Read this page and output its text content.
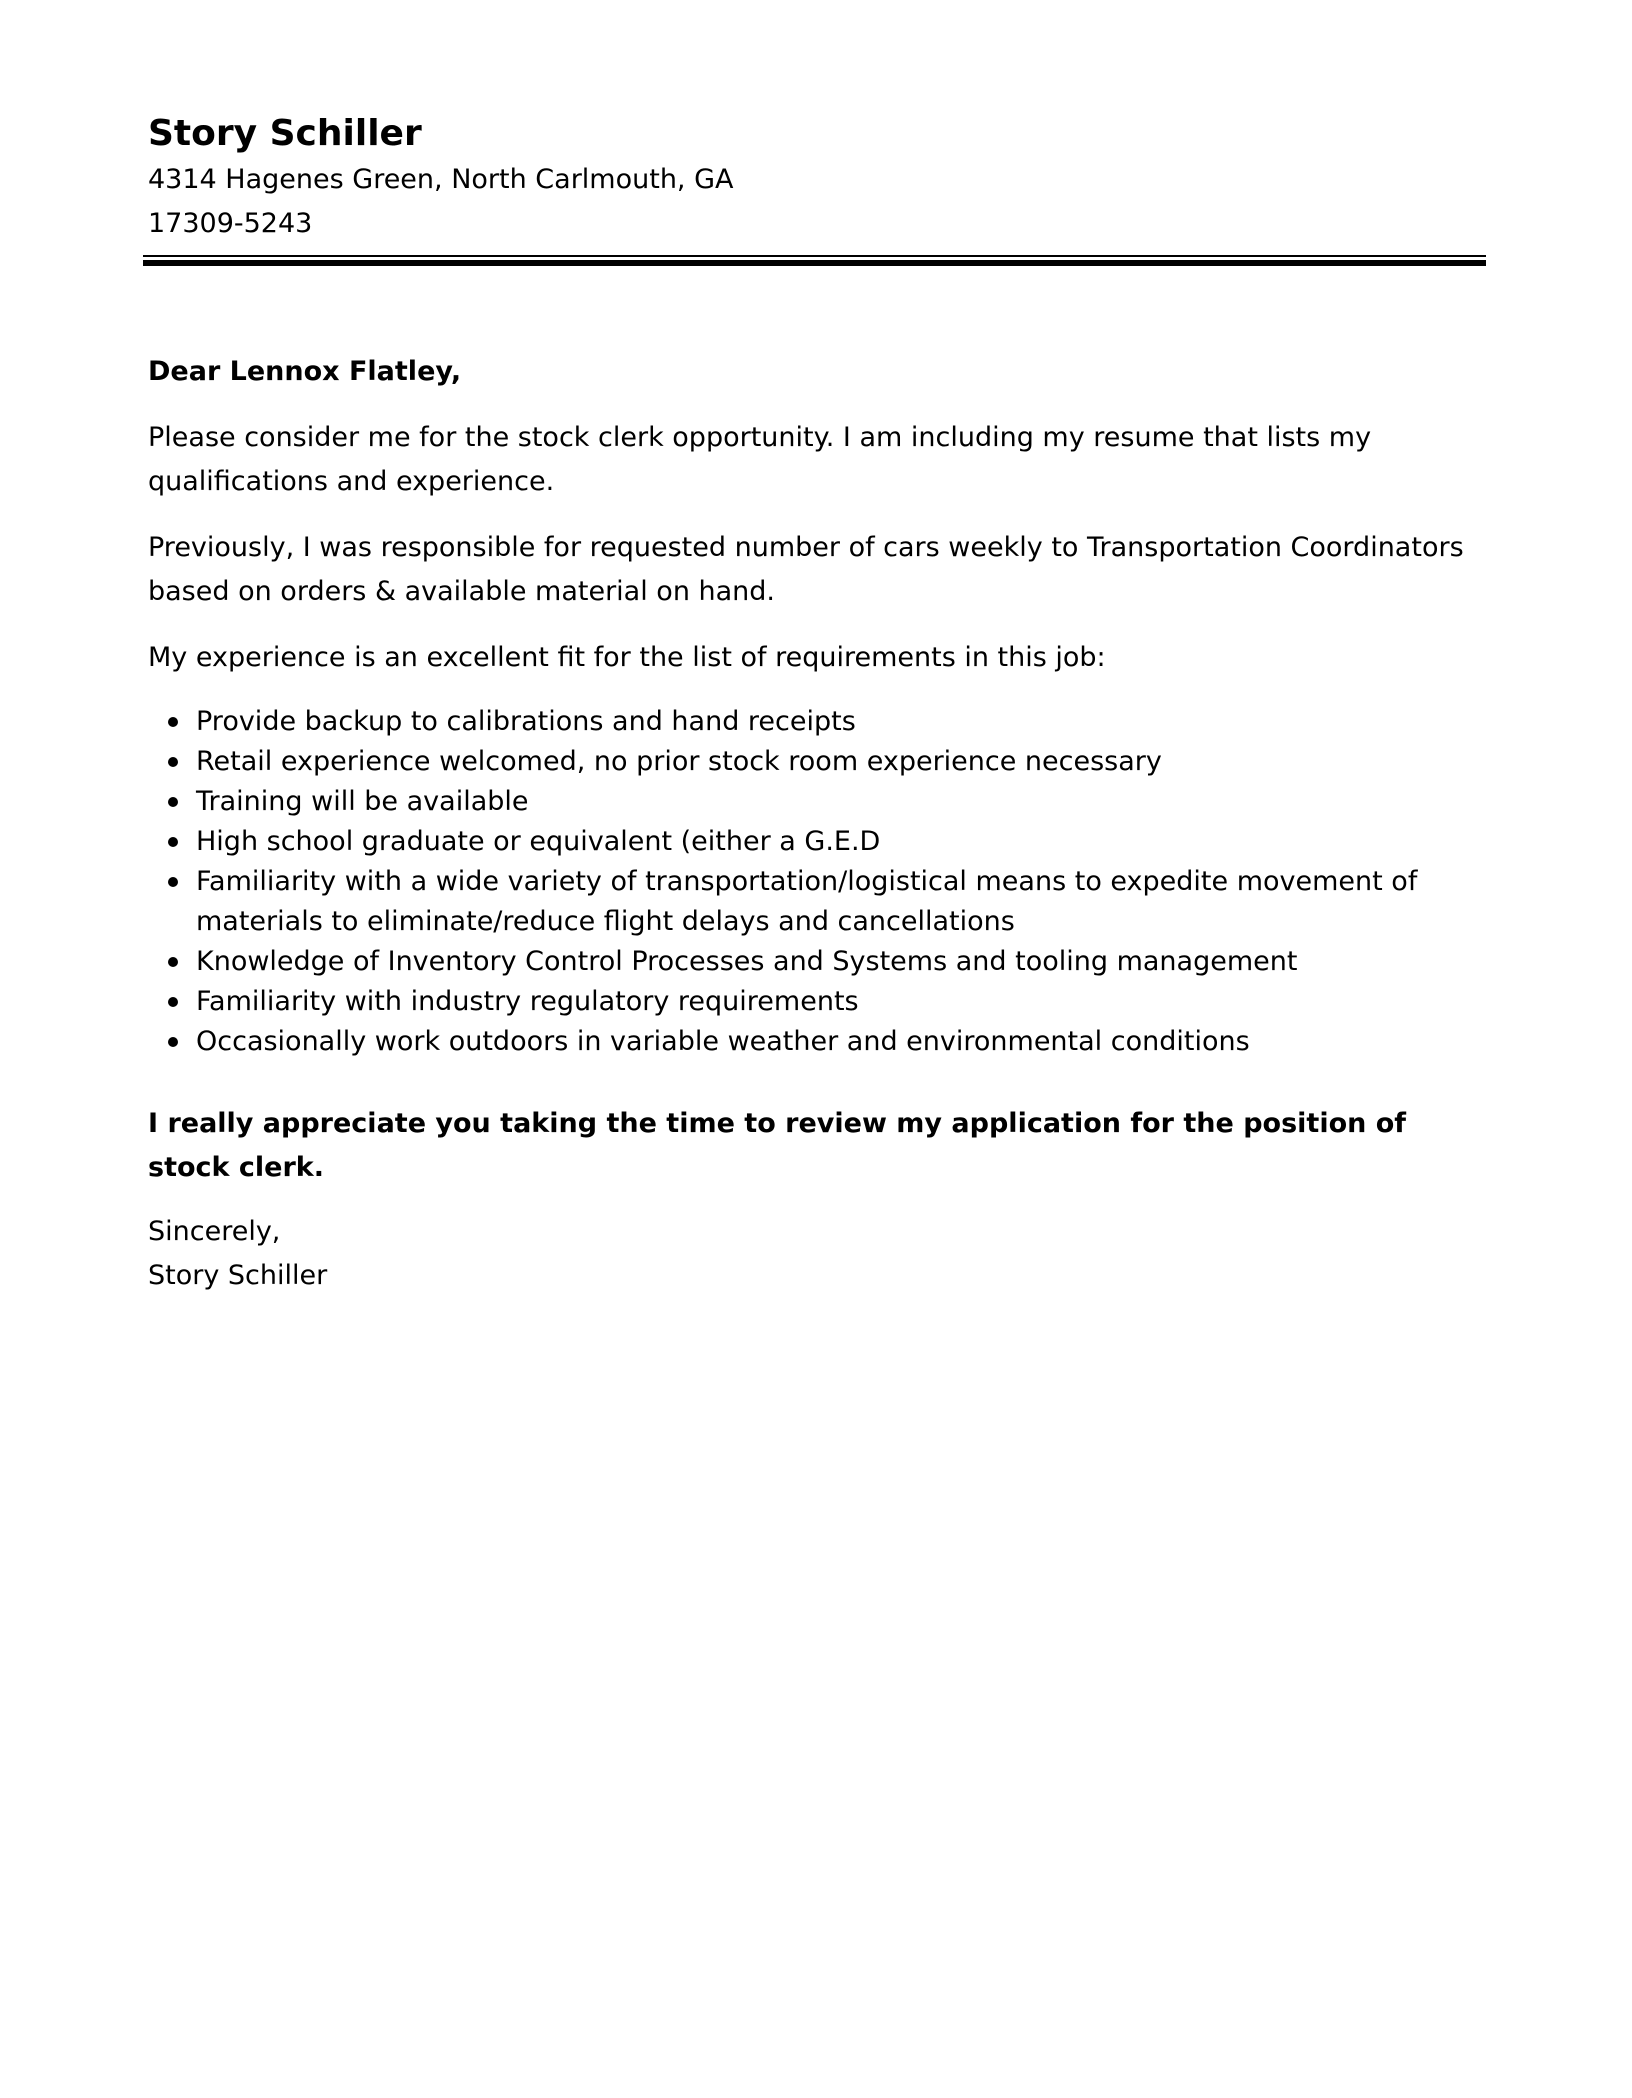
Story Schiller
4314 Hagenes Green, North Carlmouth, GA
17309-5243

Dear Lennox Flatley,

Please consider me for the stock clerk opportunity. I am including my resume that lists my qualifications and experience.

Previously, I was responsible for requested number of cars weekly to Transportation Coordinators based on orders & available material on hand.

My experience is an excellent fit for the list of requirements in this job:

Provide backup to calibrations and hand receipts
Retail experience welcomed, no prior stock room experience necessary
Training will be available
High school graduate or equivalent (either a G.E.D
Familiarity with a wide variety of transportation/logistical means to expedite movement of materials to eliminate/reduce flight delays and cancellations
Knowledge of Inventory Control Processes and Systems and tooling management
Familiarity with industry regulatory requirements
Occasionally work outdoors in variable weather and environmental conditions

I really appreciate you taking the time to review my application for the position of stock clerk.

Sincerely,
Story Schiller
